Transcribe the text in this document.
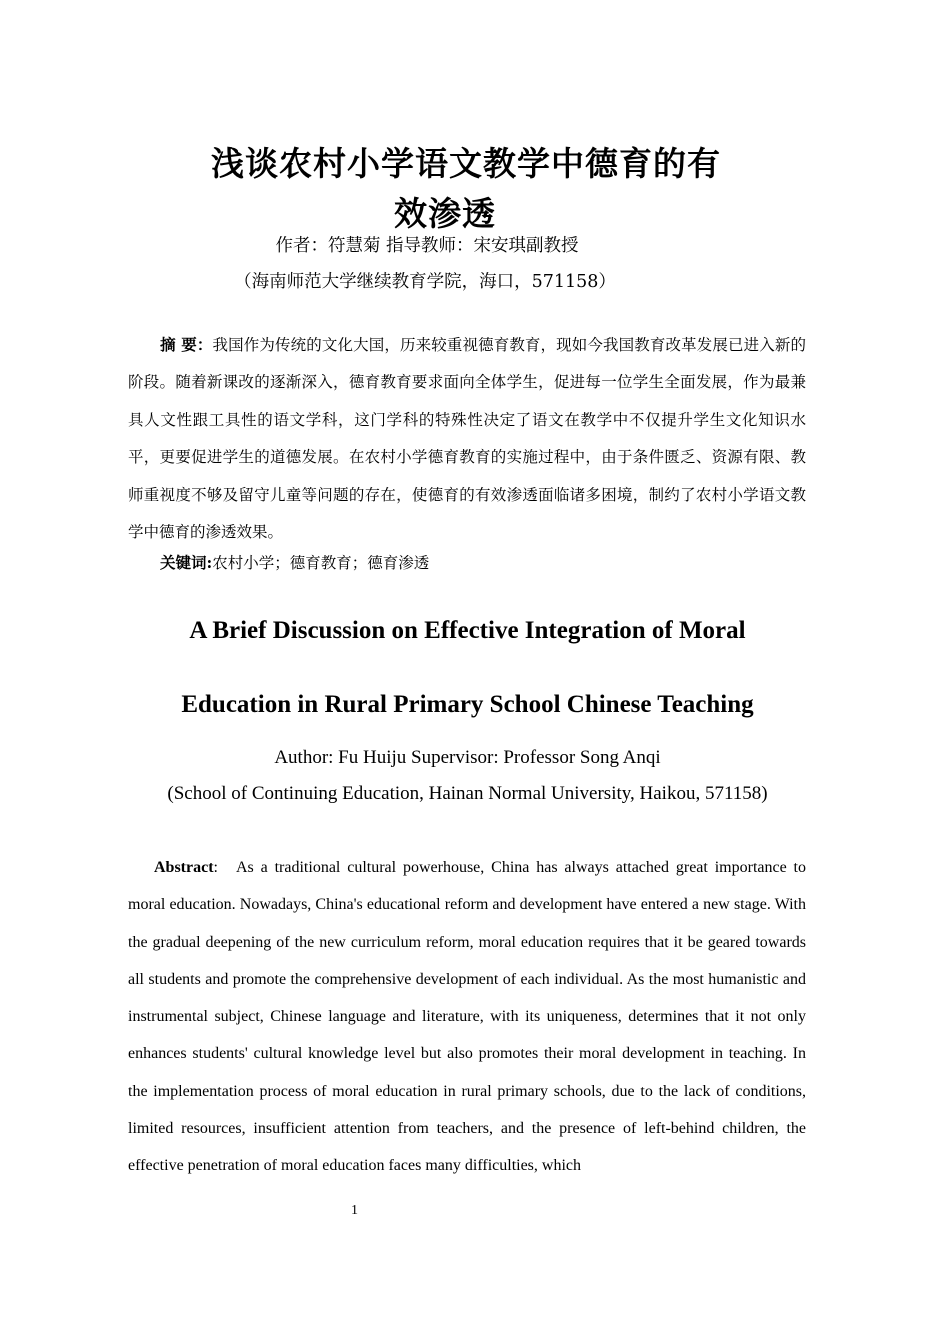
浅谈农村小学语文教学中德育的有
效渗透
作者：符慧菊 指导教师：宋安琪副教授
（海南师范大学继续教育学院，海口，571158）
摘 要：我国作为传统的文化大国，历来较重视德育教育，现如今我国教育改革发展已进入新的阶段。随着新课改的逐渐深入，德育教育要求面向全体学生，促进每一位学生全面发展，作为最兼具人文性跟工具性的语文学科，这门学科的特殊性决定了语文在教学中不仅提升学生文化知识水平，更要促进学生的道德发展。在农村小学德育教育的实施过程中，由于条件匮乏、资源有限、教师重视度不够及留守儿童等问题的存在，使德育的有效渗透面临诸多困境，制约了农村小学语文教学中德育的渗透效果。
关键词:农村小学；德育教育；德育渗透
A Brief Discussion on Effective Integration of Moral
Education in Rural Primary School Chinese Teaching
Author: Fu Huiju Supervisor: Professor Song Anqi
(School of Continuing Education, Hainan Normal University, Haikou, 571158)
Abstract: As a traditional cultural powerhouse, China has always attached great importance to moral education. Nowadays, China's educational reform and development have entered a new stage. With the gradual deepening of the new curriculum reform, moral education requires that it be geared towards all students and promote the comprehensive development of each individual. As the most humanistic and instrumental subject, Chinese language and literature, with its uniqueness, determines that it not only enhances students' cultural knowledge level but also promotes their moral development in teaching. In the implementation process of moral education in rural primary schools, due to the lack of conditions, limited resources, insufficient attention from teachers, and the presence of left-behind children, the effective penetration of moral education faces many difficulties, which
1
